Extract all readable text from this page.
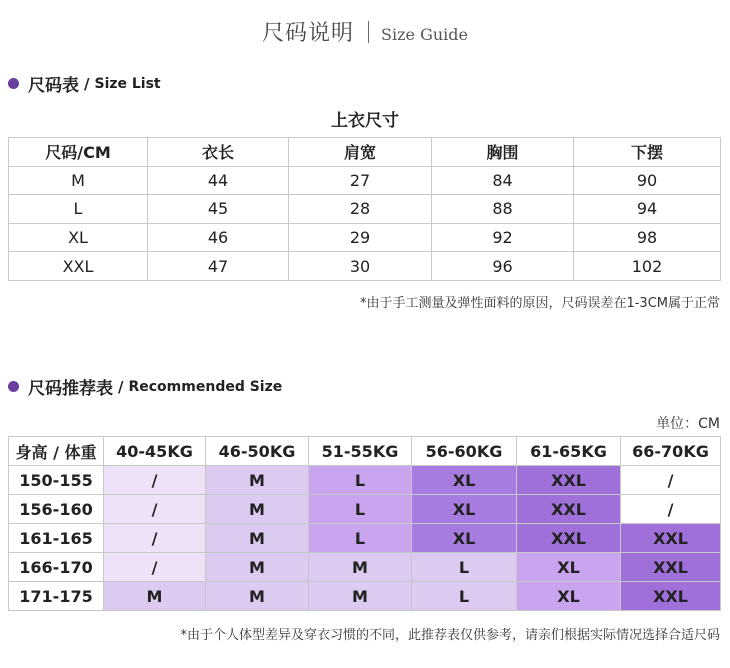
尺码说明 Size Guide
尺码表 / Size List
上衣尺寸
尺码/CM	衣长	肩宽	胸围	下摆
M	44	27	84	90
L	45	28	88	94
XL	46	29	92	98
XXL	47	30	96	102
*由于手工测量及弹性面料的原因，尺码误差在1-3CM属于正常
尺码推荐表 / Recommended Size
单位：CM
身高 / 体重	40-45KG	46-50KG	51-55KG	56-60KG	61-65KG	66-70KG
150-155	/	M	L	XL	XXL	/
156-160	/	M	L	XL	XXL	/
161-165	/	M	L	XL	XXL	XXL
166-170	/	M	M	L	XL	XXL
171-175	M	M	M	L	XL	XXL
*由于个人体型差异及穿衣习惯的不同，此推荐表仅供参考，请亲们根据实际情况选择合适尺码
